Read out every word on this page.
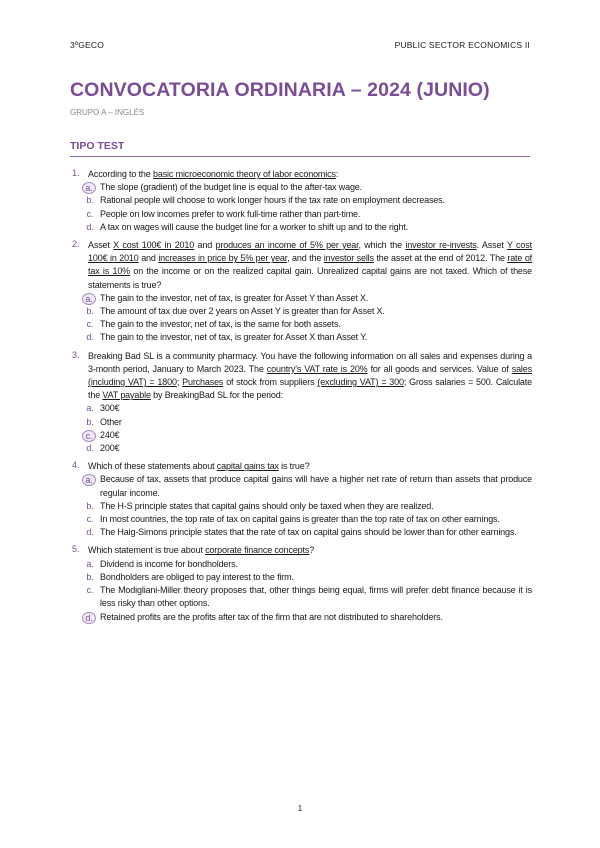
3ºGECO	PUBLIC SECTOR ECONOMICS II
CONVOCATORIA ORDINARIA – 2024 (JUNIO)
GRUPO A – INGLÉS
TIPO TEST
1. According to the basic microeconomic theory of labor economics:
a. The slope (gradient) of the budget line is equal to the after-tax wage.
b. Rational people will choose to work longer hours if the tax rate on employment decreases.
c. People on low incomes prefer to work full-time rather than part-time.
d. A tax on wages will cause the budget line for a worker to shift up and to the right.
2. Asset X cost 100€ in 2010 and produces an income of 5% per year, which the investor re-invests. Asset Y cost 100€ in 2010 and increases in price by 5% per year, and the investor sells the asset at the end of 2012. The rate of tax is 10% on the income or on the realized capital gain. Unrealized capital gains are not taxed. Which of these statements is true?
a. The gain to the investor, net of tax, is greater for Asset Y than Asset X.
b. The amount of tax due over 2 years on Asset Y is greater than for Asset X.
c. The gain to the investor, net of tax, is the same for both assets.
d. The gain to the investor, net of tax, is greater for Asset X than Asset Y.
3. Breaking Bad SL is a community pharmacy. You have the following information on all sales and expenses during a 3-month period, January to March 2023. The country's VAT rate is 20% for all goods and services. Value of sales (including VAT) = 1800; Purchases of stock from suppliers (excluding VAT) = 300; Gross salaries = 500. Calculate the VAT payable by BreakingBad SL for the period:
a. 300€
b. Other
c. 240€
d. 200€
4. Which of these statements about capital gains tax is true?
a. Because of tax, assets that produce capital gains will have a higher net rate of return than assets that produce regular income.
b. The H-S principle states that capital gains should only be taxed when they are realized.
c. In most countries, the top rate of tax on capital gains is greater than the top rate of tax on other earnings.
d. The Haig-Simons principle states that the rate of tax on capital gains should be lower than for other earnings.
5. Which statement is true about corporate finance concepts?
a. Dividend is income for bondholders.
b. Bondholders are obliged to pay interest to the firm.
c. The Modigliani-Miller theory proposes that, other things being equal, firms will prefer debt finance because it is less risky than other options.
d. Retained profits are the profits after tax of the firm that are not distributed to shareholders.
1
